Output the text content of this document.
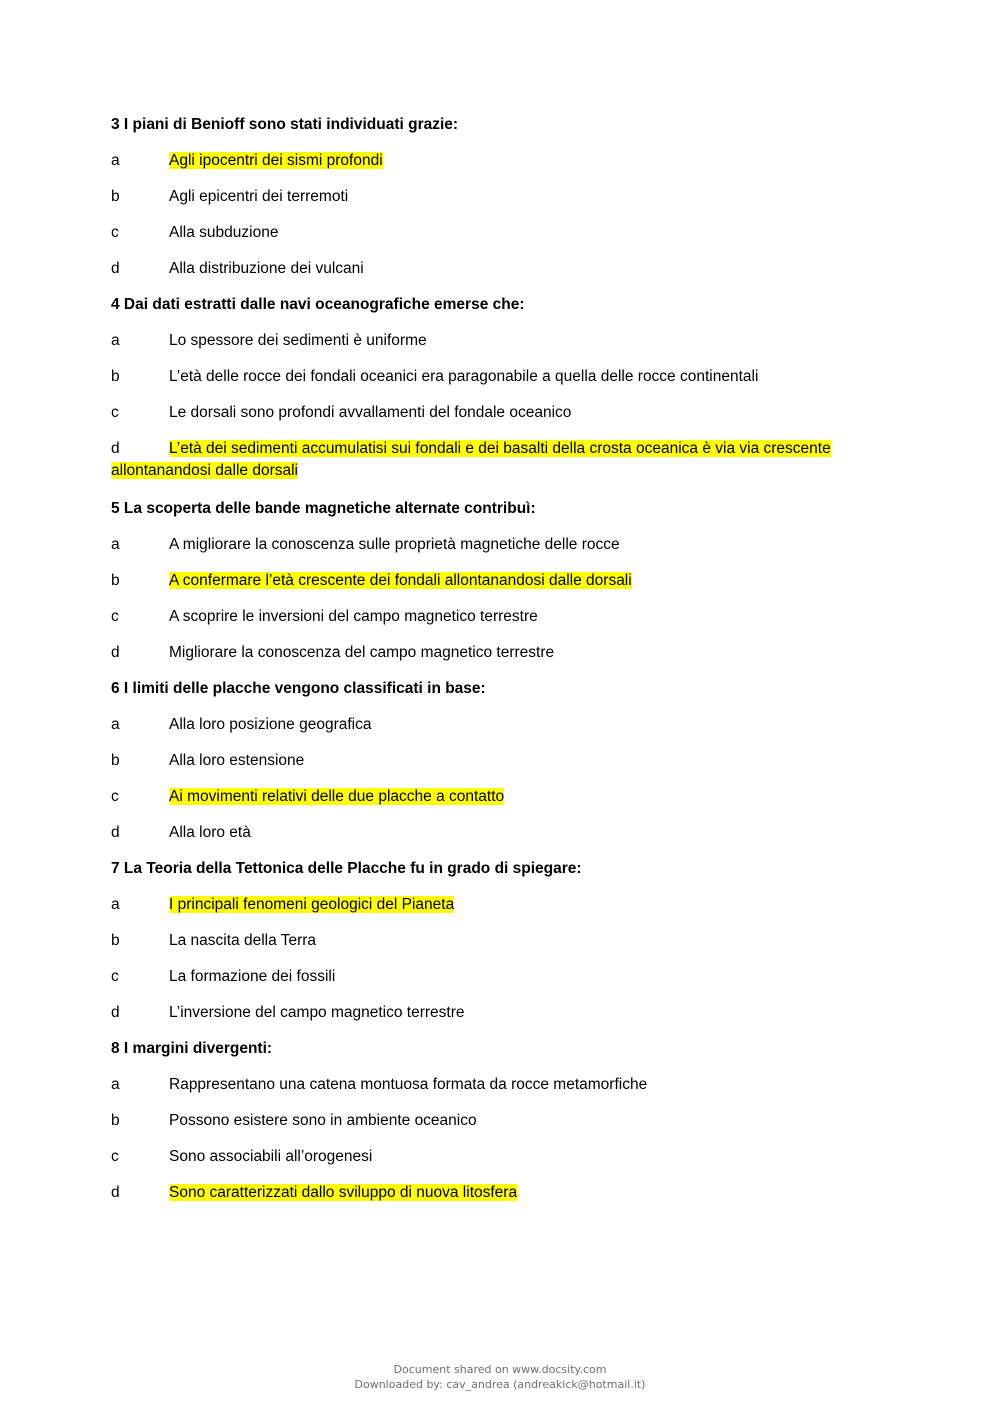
3 I piani di Benioff sono stati individuati grazie:
a	Agli ipocentri dei sismi profondi
b	Agli epicentri dei terremoti
c	Alla subduzione
d	Alla distribuzione dei vulcani
4 Dai dati estratti dalle navi oceanografiche emerse che:
a	Lo spessore dei sedimenti è uniforme
b	L’età delle rocce dei fondali oceanici era paragonabile a quella delle rocce continentali
c	Le dorsali sono profondi avvallamenti del fondale oceanico
d	L’età dei sedimenti accumulatisi sui fondali e dei basalti della crosta oceanica è via via crescente allontanandosi dalle dorsali
5 La scoperta delle bande magnetiche alternate contribuì:
a	A migliorare la conoscenza sulle proprietà magnetiche delle rocce
b	A confermare l’età crescente dei fondali allontanandosi dalle dorsali
c	A scoprire le inversioni del campo magnetico terrestre
d	Migliorare la conoscenza del campo magnetico terrestre
6 I limiti delle placche vengono classificati in base:
a	Alla loro posizione geografica
b	Alla loro estensione
c	Ai movimenti relativi delle due placche a contatto
d	Alla loro età
7 La Teoria della Tettonica delle Placche fu in grado di spiegare:
a	I principali fenomeni geologici del Pianeta
b	La nascita della Terra
c	La formazione dei fossili
d	L’inversione del campo magnetico terrestre
8 I margini divergenti:
a	Rappresentano una catena montuosa formata da rocce metamorfiche
b	Possono esistere sono in ambiente oceanico
c	Sono associabili all’orogenesi
d	Sono caratterizzati dallo sviluppo di nuova litosfera
Document shared on www.docsity.com
Downloaded by: cav_andrea (andreakick@hotmail.it)
